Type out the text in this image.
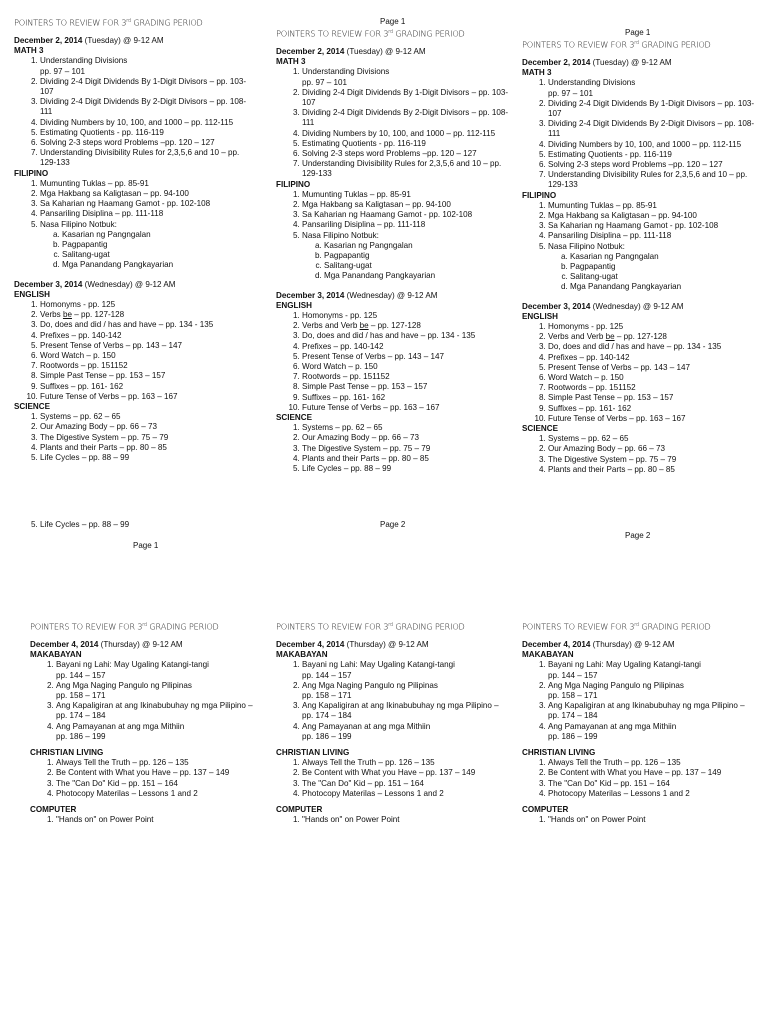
POINTERS TO REVIEW FOR 3rd GRADING PERIOD
December 2, 2014 (Tuesday) @ 9-12 AM
MATH 3
1. Understanding Divisions
pp. 97 – 101
2. Dividing 2-4 Digit Dividends By 1-Digit Divisors – pp. 103-107
3. Dividing 2-4 Digit Dividends By 2-Digit Divisors – pp. 108-111
4. Dividing Numbers by 10, 100, and 1000 – pp. 112-115
5. Estimating Quotients - pp. 116-119
6. Solving 2-3 steps word Problems –pp. 120 – 127
7. Understanding Divisibility Rules for 2,3,5,6 and 10 – pp. 129-133
FILIPINO
1. Mumunting Tuklas – pp. 85-91
2. Mga Hakbang sa Kaligtasan – pp. 94-100
3. Sa Kaharian ng Haamang Gamot - pp. 102-108
4. Pansariling Disiplina – pp. 111-118
5. Nasa Filipino Notbuk:
a. Kasarian ng Pangngalan
b. Pagpapantig
c. Salitang-ugat
d. Mga Panandang Pangkayarian
December 3, 2014 (Wednesday) @ 9-12 AM
ENGLISH
1. Homonyms - pp. 125
2. Verbs be – pp. 127-128
3. Do, does and did / has and have – pp. 134 - 135
4. Prefixes – pp. 140-142
5. Present Tense of Verbs – pp. 143 – 147
6. Word Watch – p. 150
7. Rootwords – pp. 151152
8. Simple Past Tense – pp. 153 – 157
9. Suffixes – pp. 161- 162
10. Future Tense of Verbs – pp. 163 – 167
SCIENCE
1. Systems – pp. 62 – 65
2. Our Amazing Body – pp. 66 – 73
3. The Digestive System – pp. 75 – 79
4. Plants and their Parts – pp. 80 – 85
5. Life Cycles – pp. 88 – 99
5. Life Cycles – pp. 88 – 99
Page 1
Page 1
POINTERS TO REVIEW FOR 3rd GRADING PERIOD
December 2, 2014 (Tuesday) @ 9-12 AM
MATH 3
1. Understanding Divisions
pp. 97 – 101
2. Dividing 2-4 Digit Dividends By 1-Digit Divisors – pp. 103-107
3. Dividing 2-4 Digit Dividends By 2-Digit Divisors – pp. 108-111
4. Dividing Numbers by 10, 100, and 1000 – pp. 112-115
5. Estimating Quotients - pp. 116-119
6. Solving 2-3 steps word Problems –pp. 120 – 127
7. Understanding Divisibility Rules for 2,3,5,6 and 10 – pp. 129-133
FILIPINO
1. Mumunting Tuklas – pp. 85-91
2. Mga Hakbang sa Kaligtasan – pp. 94-100
3. Sa Kaharian ng Haamang Gamot - pp. 102-108
4. Pansariling Disiplina – pp. 111-118
5. Nasa Filipino Notbuk:
a. Kasarian ng Pangngalan
b. Pagpapantig
c. Salitang-ugat
d. Mga Panandang Pangkayarian
December 3, 2014 (Wednesday) @ 9-12 AM
ENGLISH
1. Homonyms - pp. 125
2. Verbs and Verb be – pp. 127-128
3. Do, does and did / has and have – pp. 134 - 135
4. Prefixes – pp. 140-142
5. Present Tense of Verbs – pp. 143 – 147
6. Word Watch – p. 150
7. Rootwords – pp. 151152
8. Simple Past Tense – pp. 153 – 157
9. Suffixes – pp. 161- 162
10. Future Tense of Verbs – pp. 163 – 167
SCIENCE
1. Systems – pp. 62 – 65
2. Our Amazing Body – pp. 66 – 73
3. The Digestive System – pp. 75 – 79
4. Plants and their Parts – pp. 80 – 85
5. Life Cycles – pp. 88 – 99
Page 2
Page 1
POINTERS TO REVIEW FOR 3rd GRADING PERIOD
December 2, 2014 (Tuesday) @ 9-12 AM
MATH 3
1. Understanding Divisions
pp. 97 – 101
2. Dividing 2-4 Digit Dividends By 1-Digit Divisors – pp. 103-107
3. Dividing 2-4 Digit Dividends By 2-Digit Divisors – pp. 108-111
4. Dividing Numbers by 10, 100, and 1000 – pp. 112-115
5. Estimating Quotients - pp. 116-119
6. Solving 2-3 steps word Problems –pp. 120 – 127
7. Understanding Divisibility Rules for 2,3,5,6 and 10 – pp. 129-133
FILIPINO
1. Mumunting Tuklas – pp. 85-91
2. Mga Hakbang sa Kaligtasan – pp. 94-100
3. Sa Kaharian ng Haamang Gamot - pp. 102-108
4. Pansariling Disiplina – pp. 111-118
5. Nasa Filipino Notbuk:
a. Kasarian ng Pangngalan
b. Pagpapantig
c. Salitang-ugat
d. Mga Panandang Pangkayarian
December 3, 2014 (Wednesday) @ 9-12 AM
ENGLISH
1. Homonyms - pp. 125
2. Verbs and Verb be – pp. 127-128
3. Do, does and did / has and have – pp. 134 - 135
4. Prefixes – pp. 140-142
5. Present Tense of Verbs – pp. 143 – 147
6. Word Watch – p. 150
7. Rootwords – pp. 151152
8. Simple Past Tense – pp. 153 – 157
9. Suffixes – pp. 161- 162
10. Future Tense of Verbs – pp. 163 – 167
SCIENCE
1. Systems – pp. 62 – 65
2. Our Amazing Body – pp. 66 – 73
3. The Digestive System – pp. 75 – 79
4. Plants and their Parts – pp. 80 – 85
Page 2
POINTERS TO REVIEW FOR 3rd GRADING PERIOD
December 4, 2014 (Thursday) @ 9-12 AM
MAKABAYAN
1. Bayani ng Lahi: May Ugaling Katangi-tangi
pp. 144 – 157
2. Ang Mga Naging Pangulo ng Pilipinas
pp. 158 – 171
3. Ang Kapaligiran at ang Ikinabubuhay ng mga Pilipino – pp. 174 – 184
4. Ang Pamayanan at ang mga Mithiin
pp. 186 – 199
CHRISTIAN LIVING
1. Always Tell the Truth – pp. 126 – 135
2. Be Content with What you Have – pp. 137 – 149
3. The "Can Do" Kid – pp. 151 – 164
4. Photocopy Materilas – Lessons 1 and 2
COMPUTER
1. "Hands on" on Power Point
POINTERS TO REVIEW FOR 3rd GRADING PERIOD
December 4, 2014 (Thursday) @ 9-12 AM
MAKABAYAN
1. Bayani ng Lahi: May Ugaling Katangi-tangi
pp. 144 – 157
2. Ang Mga Naging Pangulo ng Pilipinas
pp. 158 – 171
3. Ang Kapaligiran at ang Ikinabubuhay ng mga Pilipino – pp. 174 – 184
4. Ang Pamayanan at ang mga Mithiin
pp. 186 – 199
CHRISTIAN LIVING
1. Always Tell the Truth – pp. 126 – 135
2. Be Content with What you Have – pp. 137 – 149
3. The "Can Do" Kid – pp. 151 – 164
4. Photocopy Materilas – Lessons 1 and 2
COMPUTER
1. "Hands on" on Power Point
POINTERS TO REVIEW FOR 3rd GRADING PERIOD
December 4, 2014 (Thursday) @ 9-12 AM
MAKABAYAN
1. Bayani ng Lahi: May Ugaling Katangi-tangi
pp. 144 – 157
2. Ang Mga Naging Pangulo ng Pilipinas
pp. 158 – 171
3. Ang Kapaligiran at ang Ikinabubuhay ng mga Pilipino – pp. 174 – 184
4. Ang Pamayanan at ang mga Mithiin
pp. 186 – 199
CHRISTIAN LIVING
1. Always Tell the Truth – pp. 126 – 135
2. Be Content with What you Have – pp. 137 – 149
3. The "Can Do" Kid – pp. 151 – 164
4. Photocopy Materilas – Lessons 1 and 2
COMPUTER
1. "Hands on" on Power Point
